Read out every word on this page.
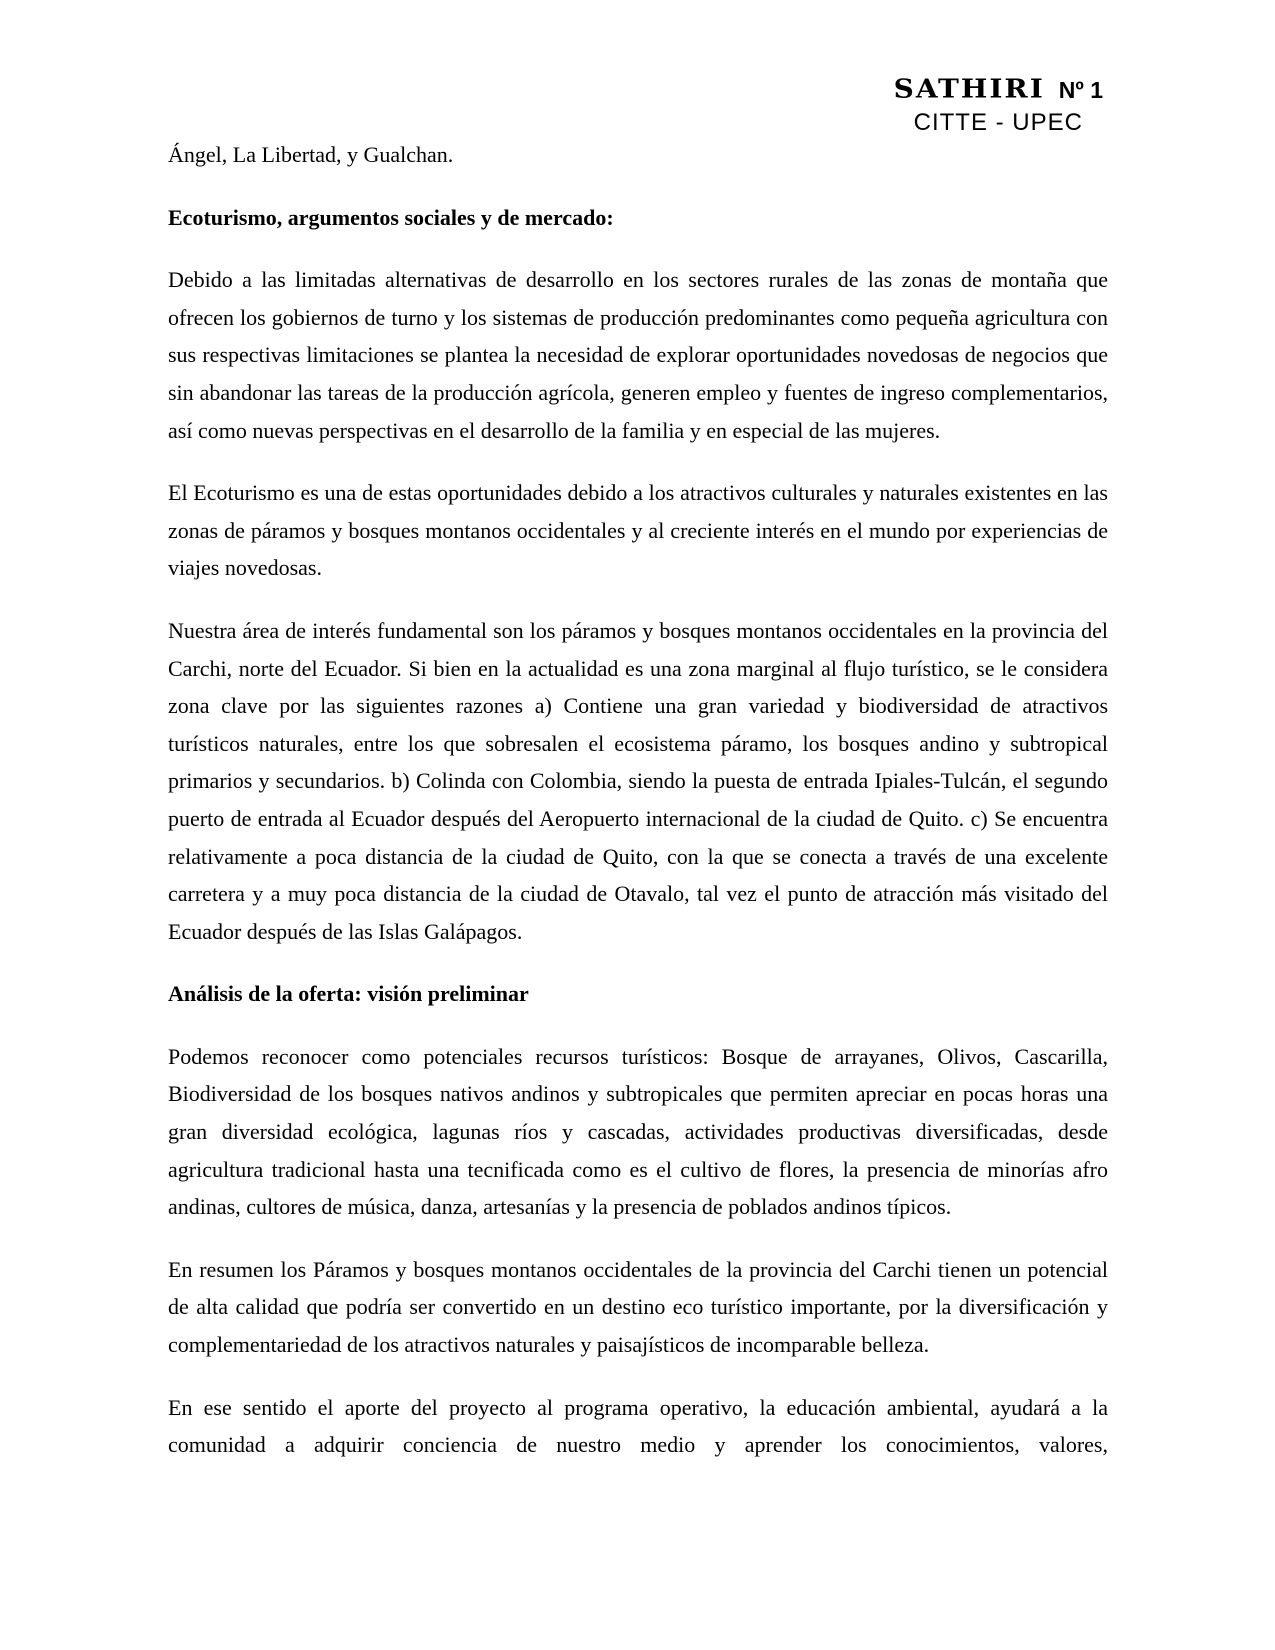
SATHIRI Nº 1
CITTE - UPEC

Ángel, La Libertad, y Gualchan.

Ecoturismo, argumentos sociales y de mercado:

Debido a las limitadas alternativas de desarrollo en los sectores rurales de las zonas de montaña que ofrecen los gobiernos de turno y los sistemas de producción predominantes como pequeña agricultura con sus respectivas limitaciones se plantea la necesidad de explorar oportunidades novedosas de negocios que sin abandonar las tareas de la producción agrícola, generen empleo y fuentes de ingreso complementarios, así como nuevas perspectivas en el desarrollo de la familia y en especial de las mujeres.

El Ecoturismo es una de estas oportunidades debido a los atractivos culturales y naturales existentes en las zonas de páramos y bosques montanos occidentales y al creciente interés en el mundo por experiencias de viajes novedosas.

Nuestra área de interés fundamental son los páramos y bosques montanos occidentales en la provincia del Carchi, norte del Ecuador. Si bien en la actualidad es una zona marginal al flujo turístico, se le considera zona clave por las siguientes razones a) Contiene una gran variedad y biodiversidad de atractivos turísticos naturales, entre los que sobresalen el ecosistema páramo, los bosques andino y subtropical primarios y secundarios. b) Colinda con Colombia, siendo la puesta de entrada Ipiales-Tulcán, el segundo puerto de entrada al Ecuador después del Aeropuerto internacional de la ciudad de Quito. c) Se encuentra relativamente a poca distancia de la ciudad de Quito, con la que se conecta a través de una excelente carretera y a muy poca distancia de la ciudad de Otavalo, tal vez el punto de atracción más visitado del Ecuador después de las Islas Galápagos.

Análisis de la oferta: visión preliminar

Podemos reconocer como potenciales recursos turísticos: Bosque de arrayanes, Olivos, Cascarilla, Biodiversidad de los bosques nativos andinos y subtropicales que permiten apreciar en pocas horas una gran diversidad ecológica, lagunas ríos y cascadas, actividades productivas diversificadas, desde agricultura tradicional hasta una tecnificada como es el cultivo de flores, la presencia de minorías afro andinas, cultores de música, danza, artesanías y la presencia de poblados andinos típicos.

En resumen los Páramos y bosques montanos occidentales de la provincia del Carchi tienen un potencial de alta calidad que podría ser convertido en un destino eco turístico importante, por la diversificación y complementariedad de los atractivos naturales y paisajísticos de incomparable belleza.

En ese sentido el aporte del proyecto al programa operativo, la educación ambiental, ayudará a la comunidad a adquirir conciencia de nuestro medio y aprender los conocimientos, valores,
